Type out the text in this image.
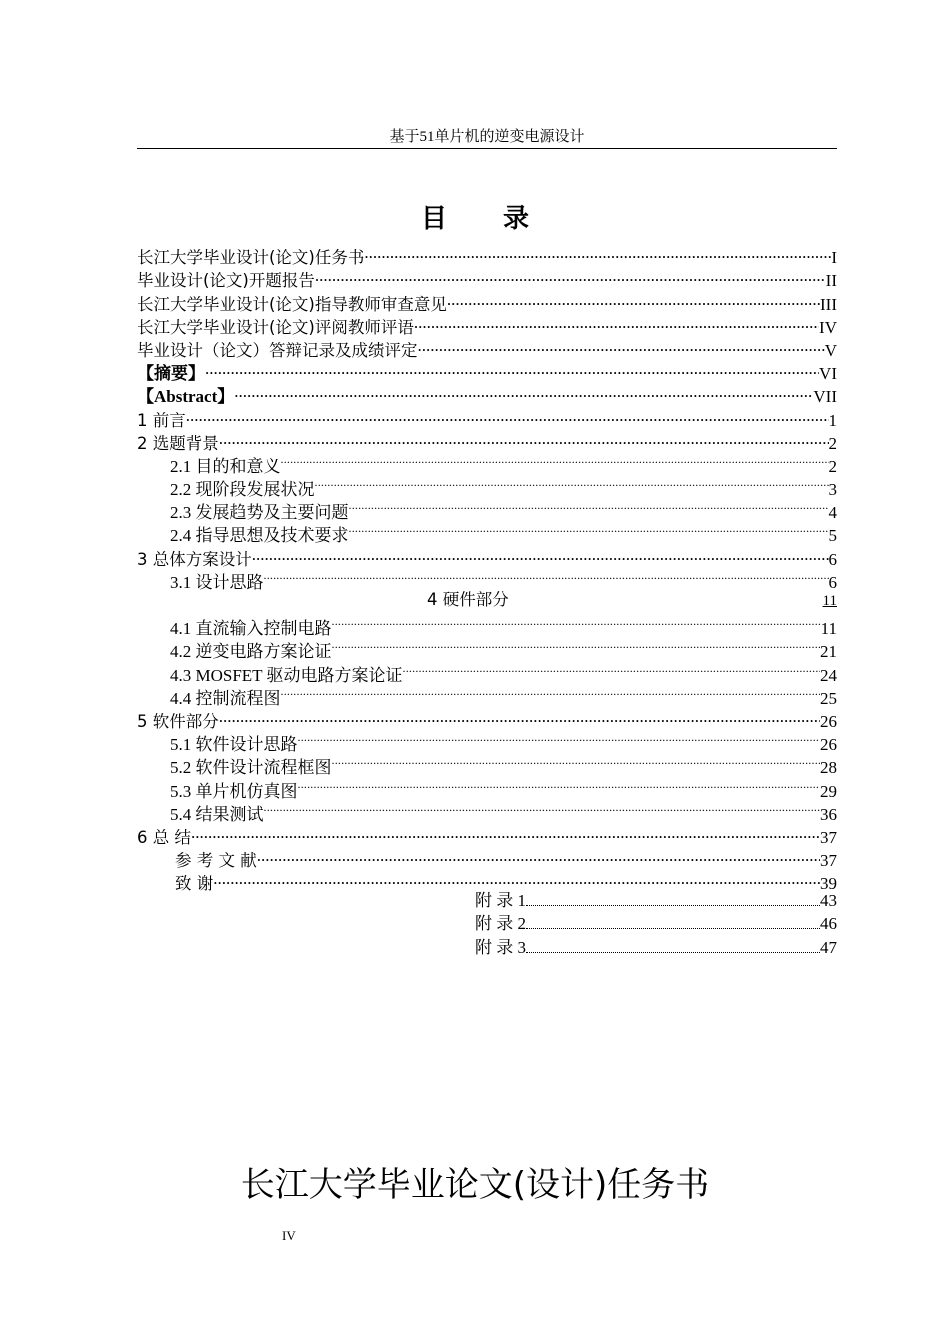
基于51单片机的逆变电源设计
目 录
长江大学毕业设计(论文)任务书 .....	I
毕业设计(论文)开题报告 .....	II
长江大学毕业设计(论文)指导教师审查意见 .....	III
长江大学毕业设计(论文)评阅教师评语 .....	IV
毕业设计（论文）答辩记录及成绩评定 .....	V
【摘要】 .....	VI
【Abstract】 .....	VII
1 前言 .....	1
2 选题背景 .....	2
2.1 目的和意义 .....	2
2.2 现阶段发展状况 .....	3
2.3 发展趋势及主要问题 .....	4
2.4 指导思想及技术要求 .....	5
3 总体方案设计 .....	6
3.1 设计思路 .....	6
4 硬件部分	11
4.1 直流输入控制电路 .....	11
4.2 逆变电路方案论证 .....	21
4.3 MOSFET 驱动电路方案论证 .....	24
4.4 控制流程图 .....	25
5 软件部分 .....	26
5.1 软件设计思路 .....	26
5.2 软件设计流程框图 .....	28
5.3 单片机仿真图 .....	29
5.4 结果测试 .....	36
6 总 结 .....	37
参 考 文 献 .....	37
致 谢 .....	39
附 录 1	43
附 录 2	46
附 录 3	47
长江大学毕业论文(设计)任务书
IV
